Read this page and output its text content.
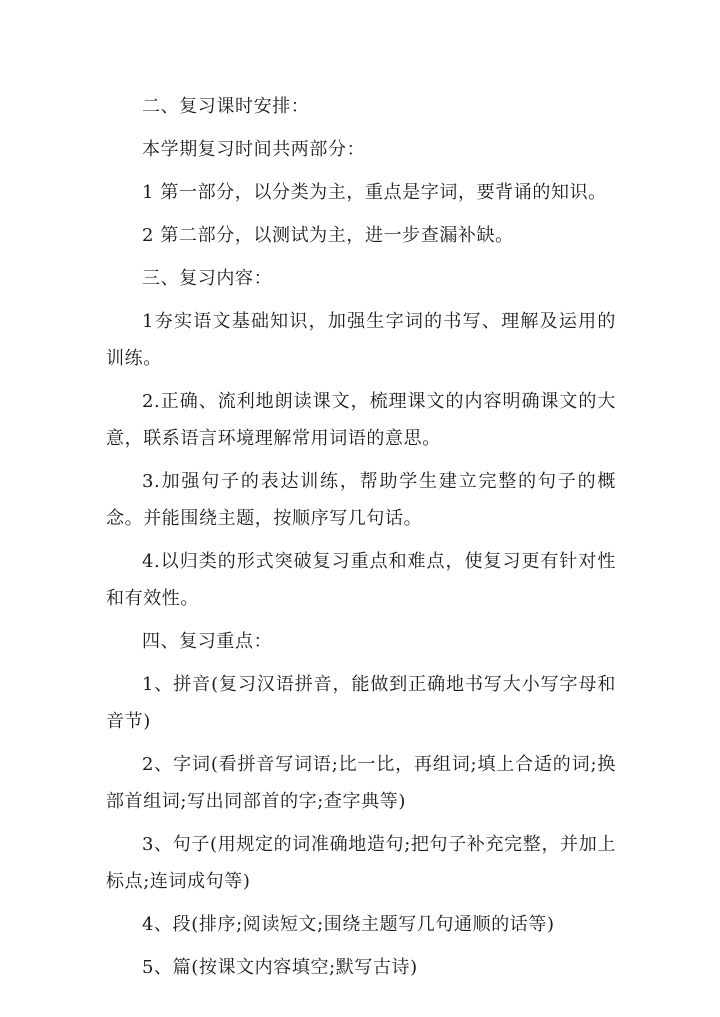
二、复习课时安排：

本学期复习时间共两部分：

1 第一部分，以分类为主，重点是字词，要背诵的知识。

2 第二部分，以测试为主，进一步查漏补缺。

三、复习内容：

1夯实语文基础知识，加强生字词的书写、理解及运用的训练。

2.正确、流利地朗读课文，梳理课文的内容明确课文的大意，联系语言环境理解常用词语的意思。

3.加强句子的表达训练，帮助学生建立完整的句子的概念。并能围绕主题，按顺序写几句话。

4.以归类的形式突破复习重点和难点，使复习更有针对性和有效性。

四、复习重点：

1、拼音(复习汉语拼音，能做到正确地书写大小写字母和音节)

2、字词(看拼音写词语;比一比，再组词;填上合适的词;换部首组词;写出同部首的字;查字典等)

3、句子(用规定的词准确地造句;把句子补充完整，并加上标点;连词成句等)

4、段(排序;阅读短文;围绕主题写几句通顺的话等)

5、篇(按课文内容填空;默写古诗)
